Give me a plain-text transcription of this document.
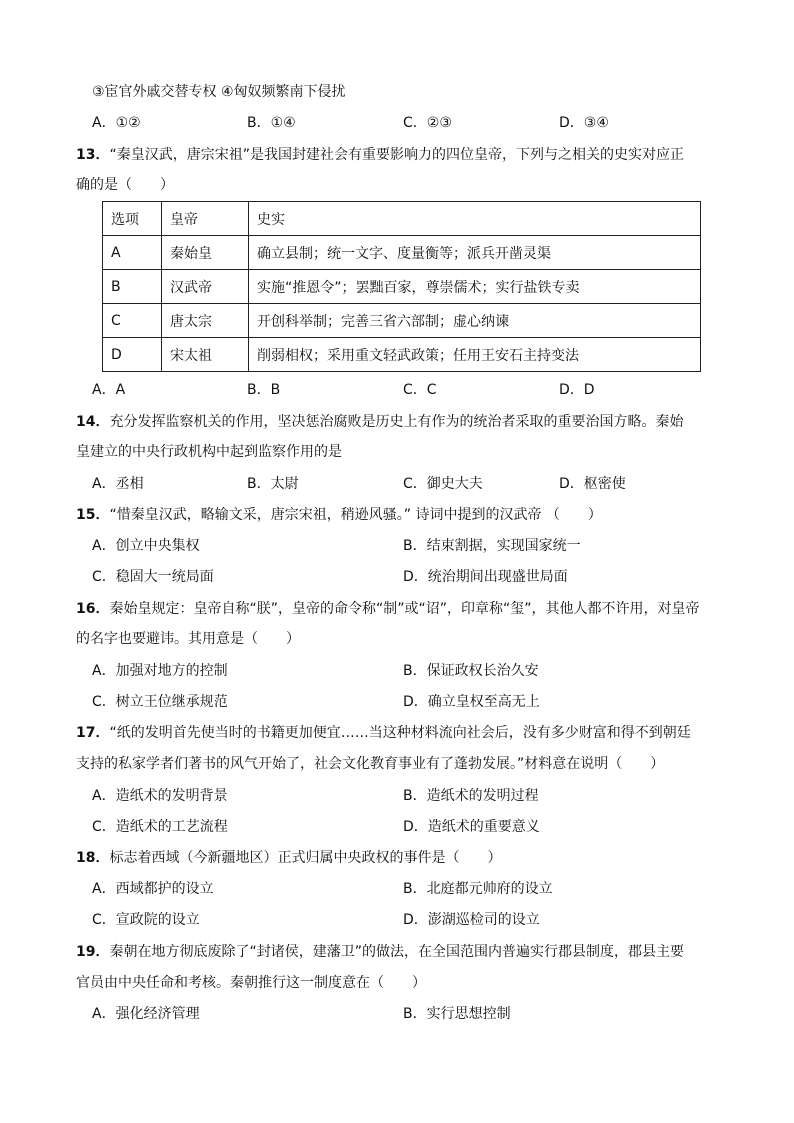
③宦官外戚交替专权 ④匈奴频繁南下侵扰
A．①②	B．①④	C．②③	D．③④
13．“秦皇汉武，唐宗宋祖”是我国封建社会有重要影响力的四位皇帝，下列与之相关的史实对应正
确的是（　　）
选项	皇帝	史实
A	秦始皇	确立县制；统一文字、度量衡等；派兵开凿灵渠
B	汉武帝	实施“推恩令”；罢黜百家，尊崇儒术；实行盐铁专卖
C	唐太宗	开创科举制；完善三省六部制；虚心纳谏
D	宋太祖	削弱相权；采用重文轻武政策；任用王安石主持变法
A．A	B．B	C．C	D．D
14．充分发挥监察机关的作用，坚决惩治腐败是历史上有作为的统治者采取的重要治国方略。秦始
皇建立的中央行政机构中起到监察作用的是
A．丞相	B．太尉	C．御史大夫	D．枢密使
15．“惜秦皇汉武，略输文采，唐宗宋祖，稍逊风骚。” 诗词中提到的汉武帝 （　　）
A．创立中央集权	B．结束割据，实现国家统一
C．稳固大一统局面	D．统治期间出现盛世局面
16．秦始皇规定：皇帝自称“朕”，皇帝的命令称“制”或“诏”，印章称“玺”，其他人都不许用，对皇帝
的名字也要避讳。其用意是（　　）
A．加强对地方的控制	B．保证政权长治久安
C．树立王位继承规范	D．确立皇权至高无上
17．“纸的发明首先使当时的书籍更加便宜……当这种材料流向社会后，没有多少财富和得不到朝廷
支持的私家学者们著书的风气开始了，社会文化教育事业有了蓬勃发展。”材料意在说明（　　）
A．造纸术的发明背景	B．造纸术的发明过程
C．造纸术的工艺流程	D．造纸术的重要意义
18．标志着西域（今新疆地区）正式归属中央政权的事件是（　　）
A．西域都护的设立	B．北庭都元帅府的设立
C．宣政院的设立	D．澎湖巡检司的设立
19．秦朝在地方彻底废除了“封诸侯，建藩卫”的做法，在全国范围内普遍实行郡县制度，郡县主要
官员由中央任命和考核。秦朝推行这一制度意在（　　）
A．强化经济管理	B．实行思想控制
